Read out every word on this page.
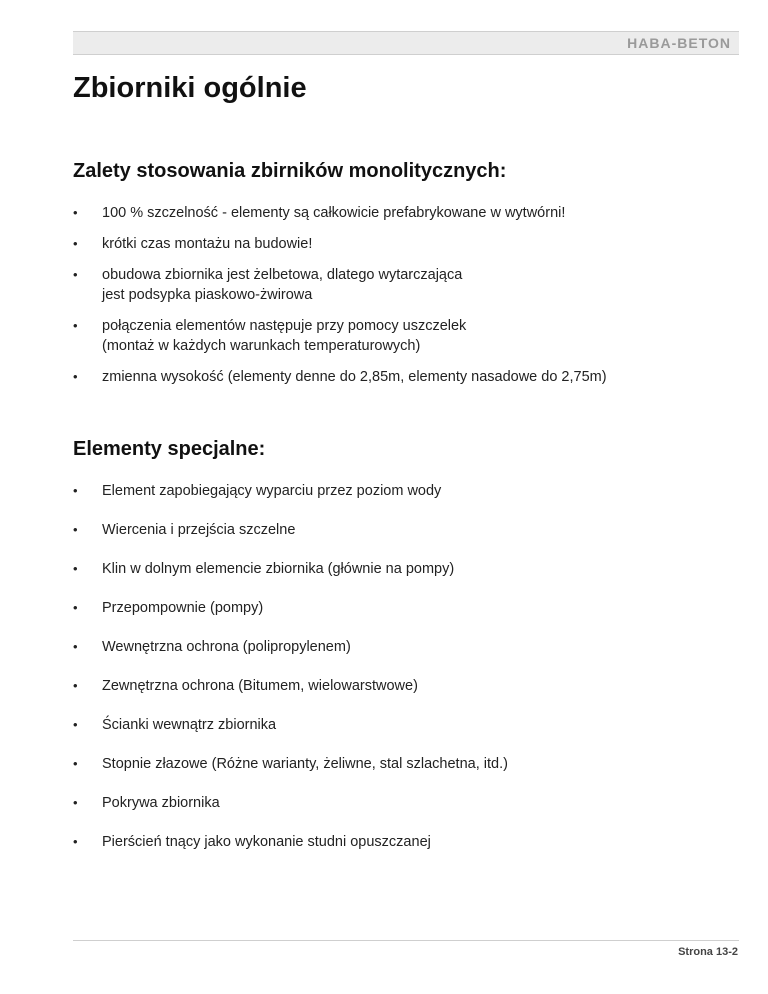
HABA-BETON
Zbiorniki ogólnie
Zalety stosowania zbirników monolitycznych:
• 100 % szczelność - elementy są całkowicie prefabrykowane w wytwórni!
• krótki czas montażu na budowie!
• obudowa zbiornika jest żelbetowa, dlatego wytarczająca
jest podsypka piaskowo-żwirowa
• połączenia elementów następuje przy pomocy uszczelek
(montaż w każdych warunkach temperaturowych)
• zmienna wysokość (elementy denne do 2,85m, elementy nasadowe do 2,75m)
Elementy specjalne:
• Element zapobiegający wyparciu przez poziom wody
• Wiercenia i przejścia szczelne
• Klin w dolnym elemencie zbiornika (głównie na pompy)
• Przepompownie (pompy)
• Wewnętrzna ochrona (polipropylenem)
• Zewnętrzna ochrona (Bitumem, wielowarstwowe)
• Ścianki wewnątrz zbiornika
• Stopnie złazowe (Różne warianty, żeliwne, stal szlachetna, itd.)
• Pokrywa zbiornika
• Pierścień tnący jako wykonanie studni opuszczanej
Strona 13-2
